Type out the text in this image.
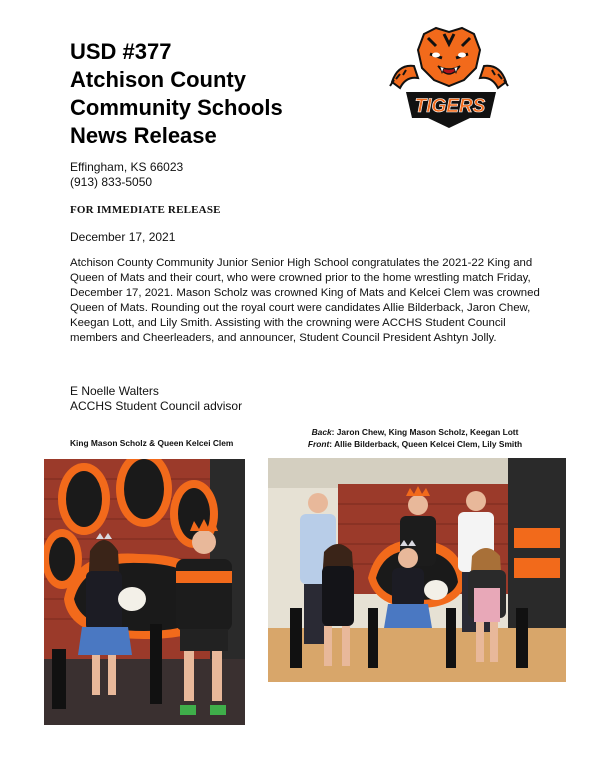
USD #377
Atchison County
Community Schools
News Release
TIGERS
Effingham, KS 66023
(913) 833-5050
FOR IMMEDIATE RELEASE
December 17, 2021

Atchison County Community Junior Senior High School congratulates the 2021-22 King and Queen of Mats and their court, who were crowned prior to the home wrestling match Friday, December 17, 2021. Mason Scholz was crowned King of Mats and Kelcei Clem was crowned Queen of Mats. Rounding out the royal court were candidates Allie Bilderback, Jaron Chew, Keegan Lott, and Lily Smith. Assisting with the crowning were ACCHS Student Council members and Cheerleaders, and announcer, Student Council President Ashtyn Jolly.

E Noelle Walters
ACCHS Student Council advisor
King Mason Scholz & Queen Kelcei Clem
Back: Jaron Chew, King Mason Scholz, Keegan Lott
Front: Allie Bilderback, Queen Kelcei Clem, Lily Smith
